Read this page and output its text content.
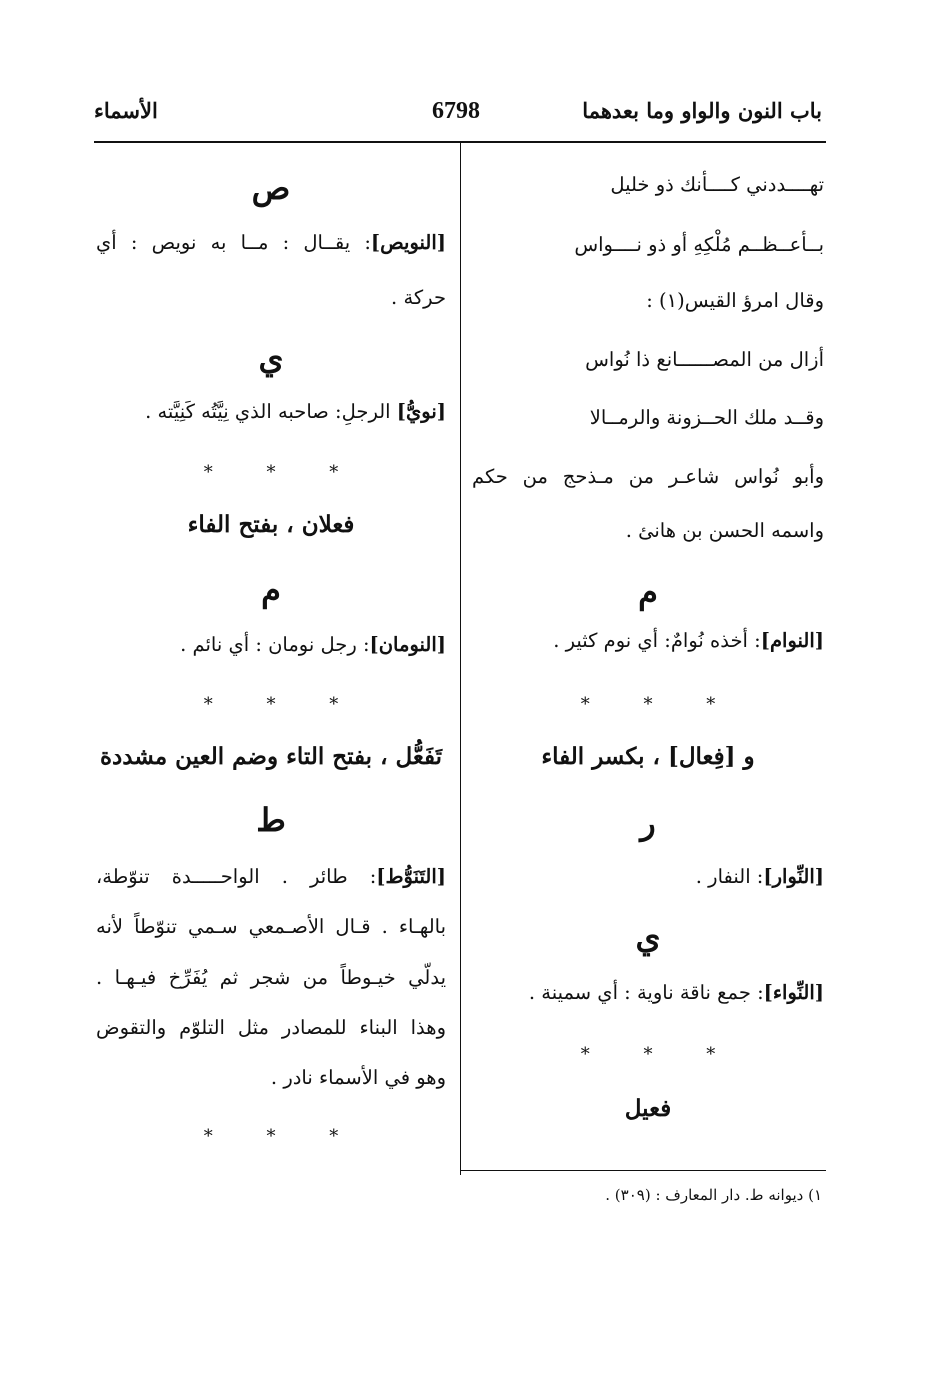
باب النون والواو وما بعدهما
6798
الأسماء
تهــــددني كــــأنك ذو خليل
بــأعــظــم مُلْكِهِ أو ذو نــــواس
وقال امرؤ القيس(١) :
أزال من المصــــــانع ذا نُواس
وقــد ملك الحــزونة والرمــالا
وأبو نُواس شاعـر من مـذحج من حكم
واسمه الحسن بن هانئ .
م
[النوام]: أخذه نُوامٌ: أي نوم كثير .
* * *
و [فِعال] ، بكسر الفاء
ر
[النِّوار]: النفار .
ي
[النِّواء]: جمع ناقة ناوية : أي سمينة .
* * *
فعيل
ص
[النويص]: يقــال : مــا به نويص : أي
حركة .
ي
[نويُّ] الرجلِ: صاحبه الذي نِيَّتُه كَنِيَّته .
* * *
فعلان ، بفتح الفاء
م
[النومان]: رجل نومان : أي نائم .
* * *
تَفَعُّل ، بفتح التاء وضم العين مشددة
ط
[التَنَوُّط]: طائر . الواحـــــدة تنوّطة،
بالهـاء . قـال الأصـمعي سـمي تنوّطاً لأنه
يدلّي خيـوطاً من شجر ثم يُفَرِّخ فيـهـا .
وهذا البناء للمصادر مثل التلوّم والتقوض
وهو في الأسماء نادر .
* * *
١) ديوانه ط. دار المعارف : (٣٠٩) .
